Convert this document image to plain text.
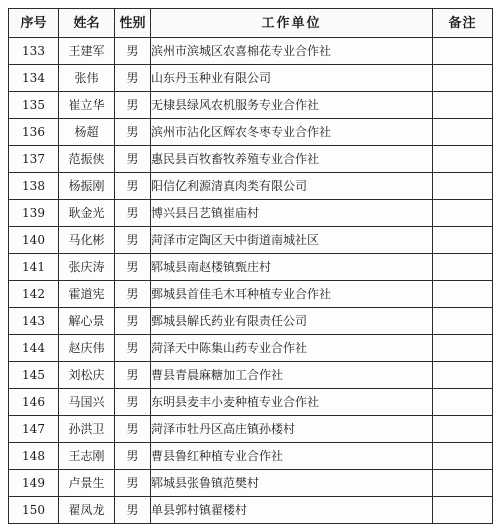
序号	姓名	性别	工作单位	备注
133	王建军	男	滨州市滨城区农喜棉花专业合作社	
134	张伟	男	山东丹玉种业有限公司	
135	崔立华	男	无棣县绿风农机服务专业合作社	
136	杨超	男	滨州市沾化区辉农冬枣专业合作社	
137	范振侠	男	惠民县百牧畜牧养殖专业合作社	
138	杨振刚	男	阳信亿利源清真肉类有限公司	
139	耿金光	男	博兴县吕艺镇崔庙村	
140	马化彬	男	菏泽市定陶区天中街道南城社区	
141	张庆涛	男	郓城县南赵楼镇甄庄村	
142	霍道宪	男	鄄城县首佳毛木耳种植专业合作社	
143	解心景	男	鄄城县解氏药业有限责任公司	
144	赵庆伟	男	菏泽天中陈集山药专业合作社	
145	刘松庆	男	曹县青晨麻糖加工合作社	
146	马国兴	男	东明县麦丰小麦种植专业合作社	
147	孙洪卫	男	菏泽市牡丹区高庄镇孙楼村	
148	王志刚	男	曹县鲁红种植专业合作社	
149	卢景生	男	郓城县张鲁镇范樊村	
150	翟凤龙	男	单县郭村镇翟楼村	
